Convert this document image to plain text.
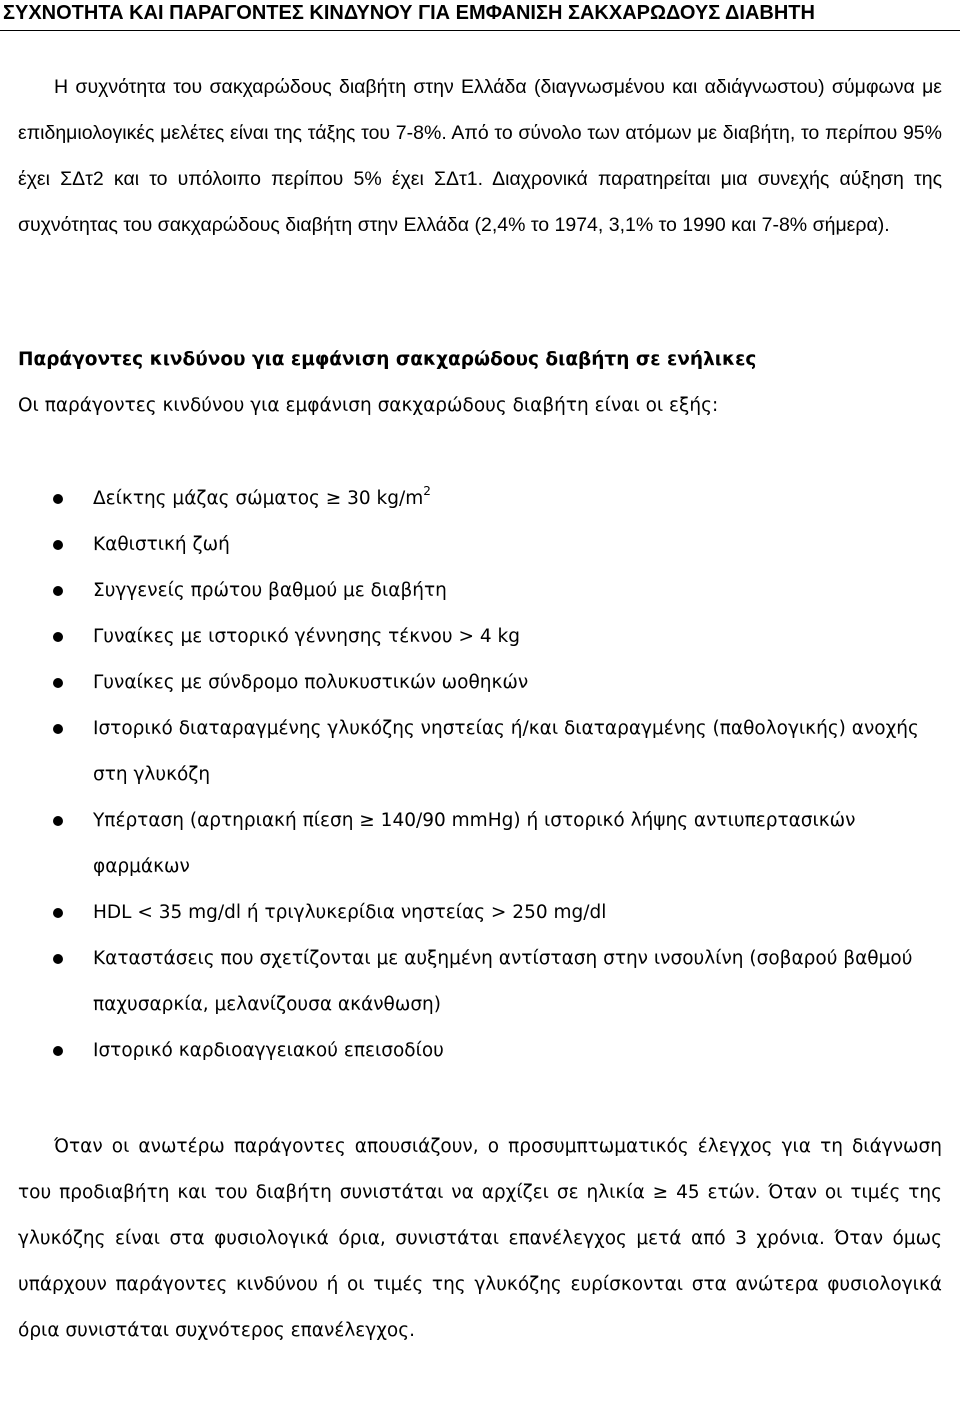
ΣΥΧΝΟΤΗΤΑ ΚΑΙ ΠΑΡΑΓΟΝΤΕΣ ΚΙΝΔΥΝΟΥ ΓΙΑ ΕΜΦΑΝΙΣΗ ΣΑΚΧΑΡΩΔΟΥΣ ΔΙΑΒΗΤΗ

Η συχνότητα του σακχαρώδους διαβήτη στην Ελλάδα (διαγνωσμένου και αδιάγνωστου) σύμφωνα με επιδημιολογικές μελέτες είναι της τάξης του 7-8%. Από το σύνολο των ατόμων με διαβήτη, το περίπου 95% έχει ΣΔτ2 και το υπόλοιπο περίπου 5% έχει ΣΔτ1. Διαχρονικά παρατηρείται μια συνεχής αύξηση της συχνότητας του σακχαρώδους διαβήτη στην Ελλάδα (2,4% το 1974, 3,1% το 1990 και 7-8% σήμερα).

Παράγοντες κινδύνου για εμφάνιση σακχαρώδους διαβήτη σε ενήλικες
Οι παράγοντες κινδύνου για εμφάνιση σακχαρώδους διαβήτη είναι οι εξής:
Δείκτης μάζας σώματος ≥ 30 $kg/m^2$
Καθιστική ζωή
Συγγενείς πρώτου βαθμού με διαβήτη
Γυναίκες με ιστορικό γέννησης τέκνου > 4 kg
Γυναίκες με σύνδρομο πολυκυστικών ωοθηκών
Ιστορικό διαταραγμένης γλυκόζης νηστείας ή/και διαταραγμένης (παθολογικής) ανοχής στη γλυκόζη
Υπέρταση (αρτηριακή πίεση ≥ 140/90 mmHg) ή ιστορικό λήψης αντιυπερτασικών φαρμάκων
HDL < 35 mg/dl ή τριγλυκερίδια νηστείας > 250 mg/dl
Καταστάσεις που σχετίζονται με αυξημένη αντίσταση στην ινσουλίνη (σοβαρού βαθμού παχυσαρκία, μελανίζουσα ακάνθωση)
Ιστορικό καρδιοαγγειακού επεισοδίου

Όταν οι ανωτέρω παράγοντες απουσιάζουν, ο προσυμπτωματικός έλεγχος για τη διάγνωση του προδιαβήτη και του διαβήτη συνιστάται να αρχίζει σε ηλικία ≥ 45 ετών. Όταν οι τιμές της γλυκόζης είναι στα φυσιολογικά όρια, συνιστάται επανέλεγχος μετά από 3 χρόνια. Όταν όμως υπάρχουν παράγοντες κινδύνου ή οι τιμές της γλυκόζης ευρίσκονται στα ανώτερα φυσιολογικά όρια συνιστάται συχνότερος επανέλεγχος.
